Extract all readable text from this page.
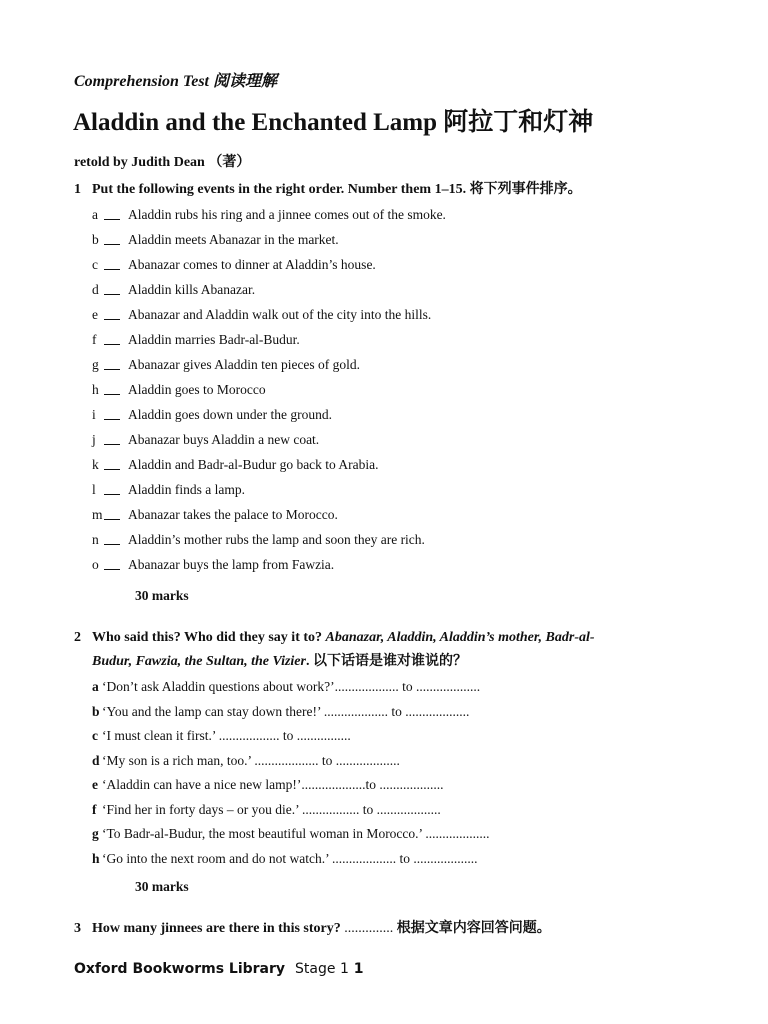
Comprehension Test 阅读理解
Aladdin and the Enchanted Lamp 阿拉丁和灯神
retold by Judith Dean （著）
1 Put the following events in the right order. Number them 1–15. 将下列事件排序。
a Aladdin rubs his ring and a jinnee comes out of the smoke.
b Aladdin meets Abanazar in the market.
c Abanazar comes to dinner at Aladdin’s house.
d Aladdin kills Abanazar.
e Abanazar and Aladdin walk out of the city into the hills.
f Aladdin marries Badr-al-Budur.
g Abanazar gives Aladdin ten pieces of gold.
h Aladdin goes to Morocco
i Aladdin goes down under the ground.
j Abanazar buys Aladdin a new coat.
k Aladdin and Badr-al-Budur go back to Arabia.
l Aladdin finds a lamp.
m Abanazar takes the palace to Morocco.
n Aladdin’s mother rubs the lamp and soon they are rich.
o Abanazar buys the lamp from Fawzia.
30 marks
2 Who said this? Who did they say it to? Abanazar, Aladdin, Aladdin’s mother, Badr-al-
Budur, Fawzia, the Sultan, the Vizier. 以下话语是谁对谁说的？
a ‘Don’t ask Aladdin questions about work?’................... to ...................
b ‘You and the lamp can stay down there!’ ................... to ...................
c ‘I must clean it first.’ .................. to ................
d ‘My son is a rich man, too.’ ................... to ...................
e ‘Aladdin can have a nice new lamp!’...................to ...................
f ‘Find her in forty days – or you die.’ ................. to ...................
g ‘To Badr-al-Budur, the most beautiful woman in Morocco.’ ...................
h ‘Go into the next room and do not watch.’ ................... to ...................
30 marks
3 How many jinnees are there in this story? .............. 根据文章内容回答问题。
Oxford Bookworms Library Stage 1 1
